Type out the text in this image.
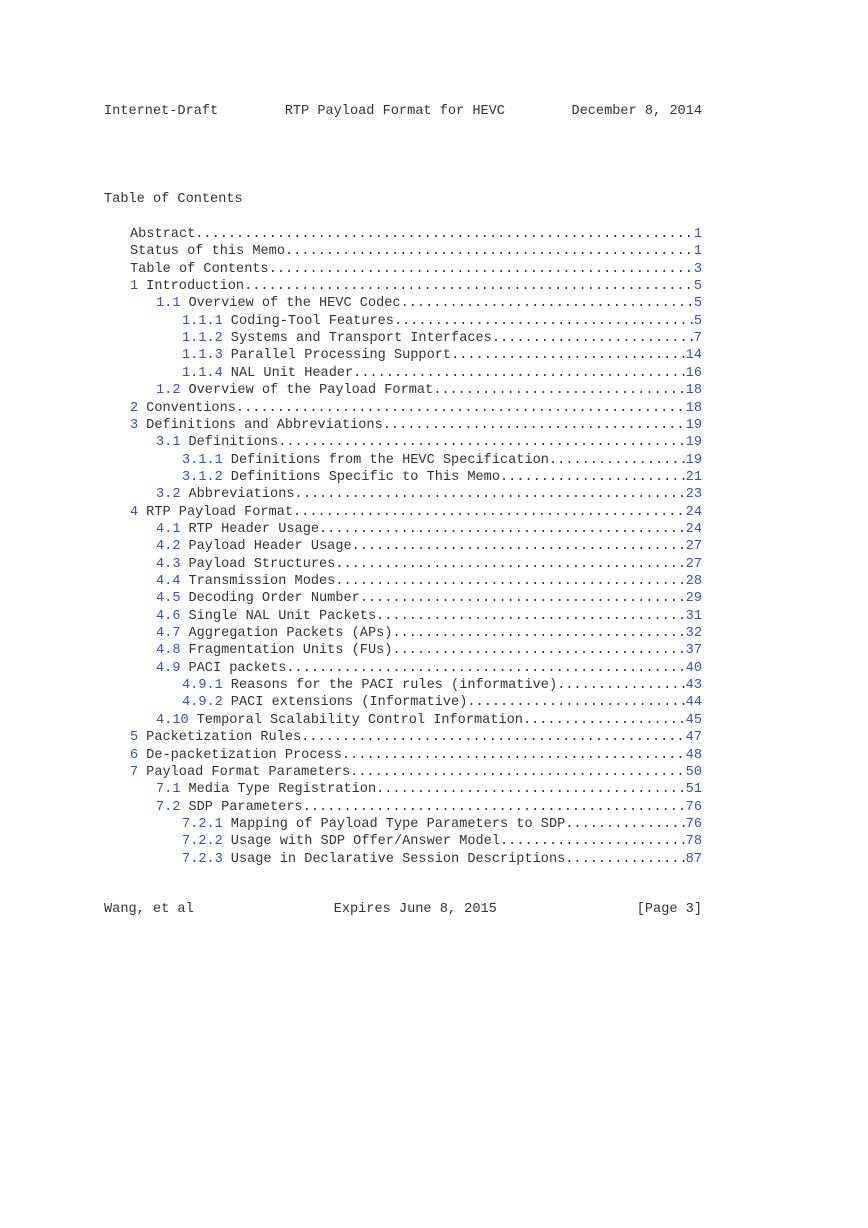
Internet-Draft	RTP Payload Format for HEVC	December 8, 2014
Table of Contents
Abstract .....	1
Status of this Memo .....	1
Table of Contents .....	3
1 Introduction .....	5
1.1 Overview of the HEVC Codec .....	5
1.1.1 Coding-Tool Features .....	5
1.1.2 Systems and Transport Interfaces .....	7
1.1.3 Parallel Processing Support .....	14
1.1.4 NAL Unit Header .....	16
1.2 Overview of the Payload Format .....	18
2 Conventions .....	18
3 Definitions and Abbreviations .....	19
3.1 Definitions .....	19
3.1.1 Definitions from the HEVC Specification .....	19
3.1.2 Definitions Specific to This Memo .....	21
3.2 Abbreviations .....	23
4 RTP Payload Format .....	24
4.1 RTP Header Usage .....	24
4.2 Payload Header Usage .....	27
4.3 Payload Structures .....	27
4.4 Transmission Modes .....	28
4.5 Decoding Order Number .....	29
4.6 Single NAL Unit Packets .....	31
4.7 Aggregation Packets (APs) .....	32
4.8 Fragmentation Units (FUs) .....	37
4.9 PACI packets .....	40
4.9.1 Reasons for the PACI rules (informative) .....	43
4.9.2 PACI extensions (Informative) .....	44
4.10 Temporal Scalability Control Information .....	45
5 Packetization Rules .....	47
6 De-packetization Process .....	48
7 Payload Format Parameters .....	50
7.1 Media Type Registration .....	51
7.2 SDP Parameters .....	76
7.2.1 Mapping of Payload Type Parameters to SDP .....	76
7.2.2 Usage with SDP Offer/Answer Model .....	78
7.2.3 Usage in Declarative Session Descriptions .....	87
Wang, et al	Expires June 8, 2015	[Page 3]
